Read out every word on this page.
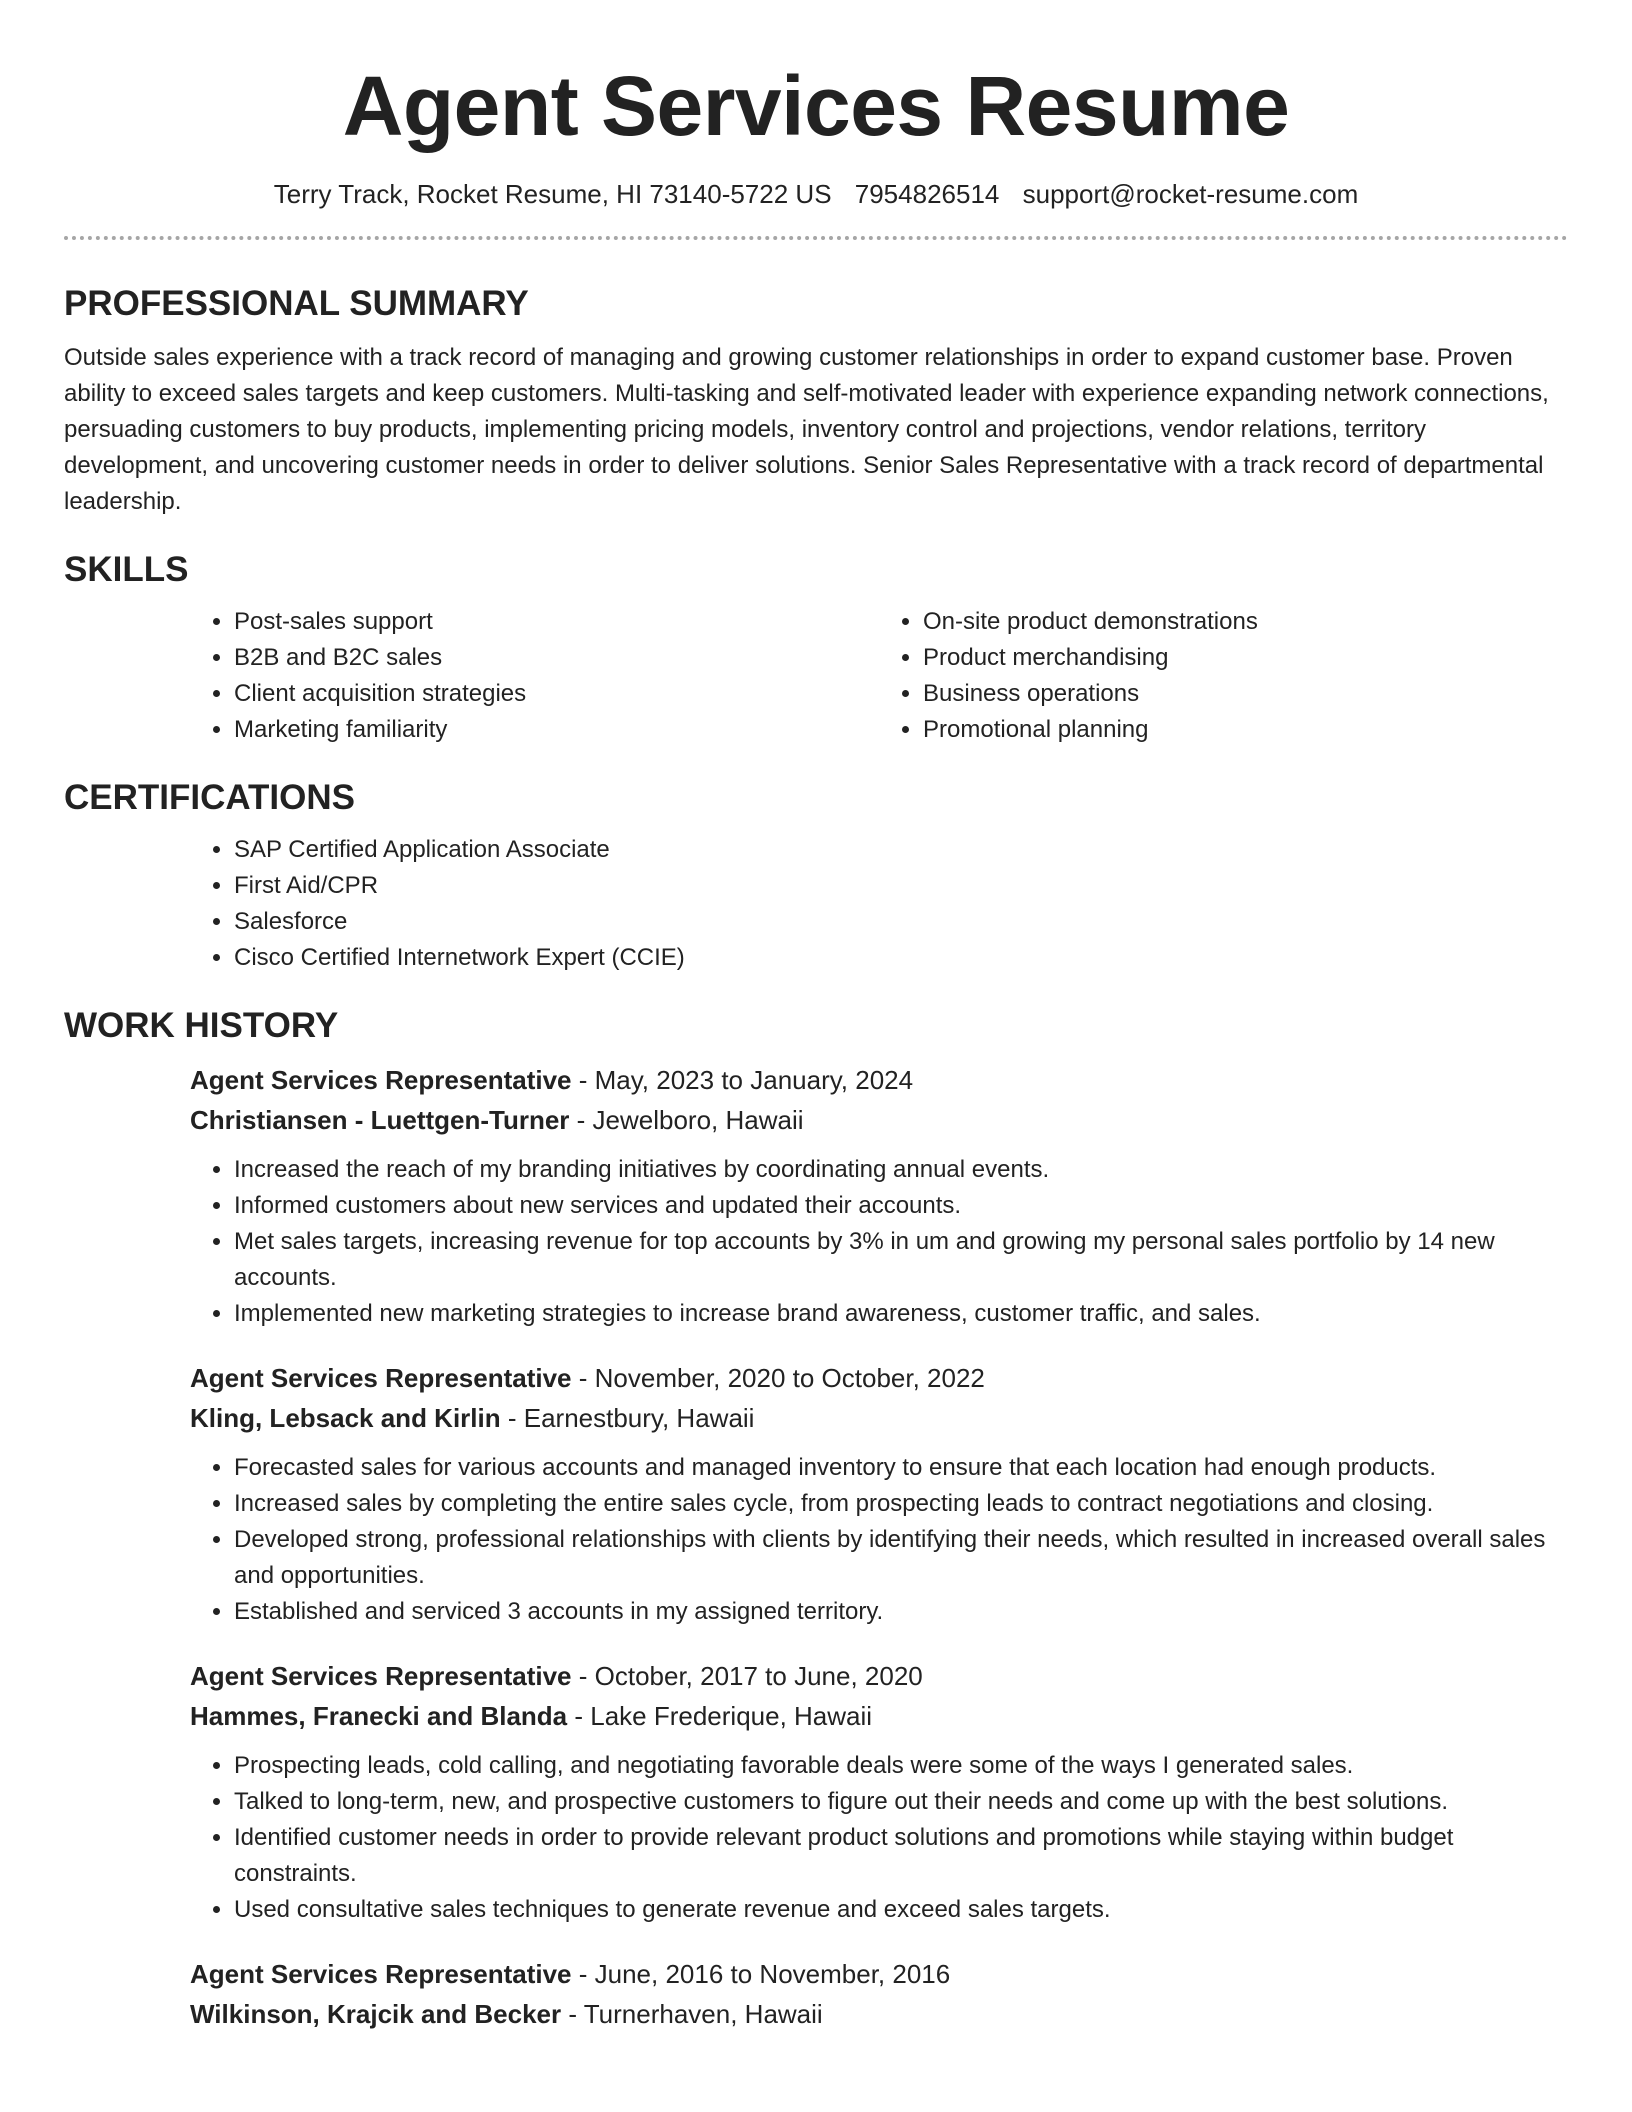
Agent Services Resume
Terry Track, Rocket Resume, HI 73140-5722 US 7954826514 support@rocket-resume.com
PROFESSIONAL SUMMARY

Outside sales experience with a track record of managing and growing customer relationships in order to expand customer base. Proven ability to exceed sales targets and keep customers. Multi-tasking and self-motivated leader with experience expanding network connections, persuading customers to buy products, implementing pricing models, inventory control and projections, vendor relations, territory development, and uncovering customer needs in order to deliver solutions. Senior Sales Representative with a track record of departmental leadership.

SKILLS
• Post-sales support
• B2B and B2C sales
• Client acquisition strategies
• Marketing familiarity
• On-site product demonstrations
• Product merchandising
• Business operations
• Promotional planning
CERTIFICATIONS
• SAP Certified Application Associate
• First Aid/CPR
• Salesforce
• Cisco Certified Internetwork Expert (CCIE)
WORK HISTORY

Agent Services Representative - May, 2023 to January, 2024

Christiansen - Luettgen-Turner - Jewelboro, Hawaii

• Increased the reach of my branding initiatives by coordinating annual events.
• Informed customers about new services and updated their accounts.
• Met sales targets, increasing revenue for top accounts by 3% in um and growing my personal sales portfolio by 14 new accounts.
• Implemented new marketing strategies to increase brand awareness, customer traffic, and sales.

Agent Services Representative - November, 2020 to October, 2022

Kling, Lebsack and Kirlin - Earnestbury, Hawaii

• Forecasted sales for various accounts and managed inventory to ensure that each location had enough products.
• Increased sales by completing the entire sales cycle, from prospecting leads to contract negotiations and closing.
• Developed strong, professional relationships with clients by identifying their needs, which resulted in increased overall sales and opportunities.
• Established and serviced 3 accounts in my assigned territory.

Agent Services Representative - October, 2017 to June, 2020

Hammes, Franecki and Blanda - Lake Frederique, Hawaii

• Prospecting leads, cold calling, and negotiating favorable deals were some of the ways I generated sales.
• Talked to long-term, new, and prospective customers to figure out their needs and come up with the best solutions.
• Identified customer needs in order to provide relevant product solutions and promotions while staying within budget constraints.
• Used consultative sales techniques to generate revenue and exceed sales targets.

Agent Services Representative - June, 2016 to November, 2016

Wilkinson, Krajcik and Becker - Turnerhaven, Hawaii
